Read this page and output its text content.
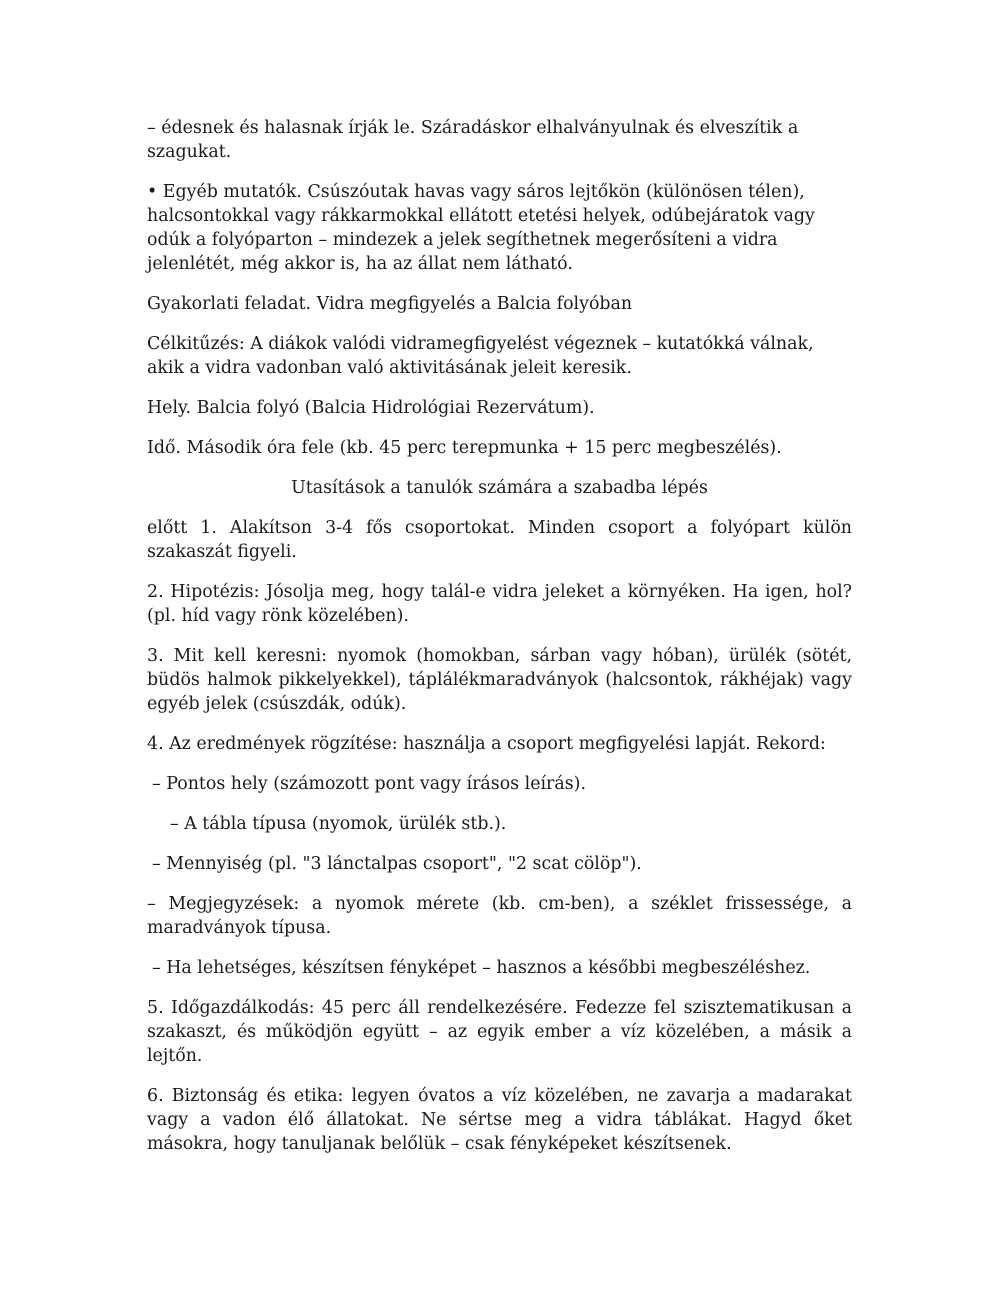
– édesnek és halasnak írják le. Száradáskor elhalványulnak és elveszítik a szagukat.

• Egyéb mutatók. Csúszóutak havas vagy sáros lejtőkön (különösen télen), halcsontokkal vagy rákkarmokkal ellátott etetési helyek, odúbejáratok vagy odúk a folyóparton – mindezek a jelek segíthetnek megerősíteni a vidra jelenlétét, még akkor is, ha az állat nem látható.

Gyakorlati feladat. Vidra megfigyelés a Balcia folyóban

Célkitűzés: A diákok valódi vidramegfigyelést végeznek – kutatókká válnak, akik a vidra vadonban való aktivitásának jeleit keresik.

Hely. Balcia folyó (Balcia Hidrológiai Rezervátum).

Idő. Második óra fele (kb. 45 perc terepmunka + 15 perc megbeszélés).

Utasítások a tanulók számára a szabadba lépés

előtt 1. Alakítson 3-4 fős csoportokat. Minden csoport a folyópart külön szakaszát figyeli.

2. Hipotézis: Jósolja meg, hogy talál-e vidra jeleket a környéken. Ha igen, hol? (pl. híd vagy rönk közelében).

3. Mit kell keresni: nyomok (homokban, sárban vagy hóban), ürülék (sötét, büdös halmok pikkelyekkel), táplálékmaradványok (halcsontok, rákhéjak) vagy egyéb jelek (csúszdák, odúk).

4. Az eredmények rögzítése: használja a csoport megfigyelési lapját. Rekord:

– Pontos hely (számozott pont vagy írásos leírás).

– A tábla típusa (nyomok, ürülék stb.).

– Mennyiség (pl. "3 lánctalpas csoport", "2 scat cölöp").

– Megjegyzések: a nyomok mérete (kb. cm-ben), a széklet frissessége, a maradványok típusa.

– Ha lehetséges, készítsen fényképet – hasznos a későbbi megbeszéléshez.

5. Időgazdálkodás: 45 perc áll rendelkezésére. Fedezze fel szisztematikusan a szakaszt, és működjön együtt – az egyik ember a víz közelében, a másik a lejtőn.

6. Biztonság és etika: legyen óvatos a víz közelében, ne zavarja a madarakat vagy a vadon élő állatokat. Ne sértse meg a vidra táblákat. Hagyd őket másokra, hogy tanuljanak belőlük – csak fényképeket készítsenek.
